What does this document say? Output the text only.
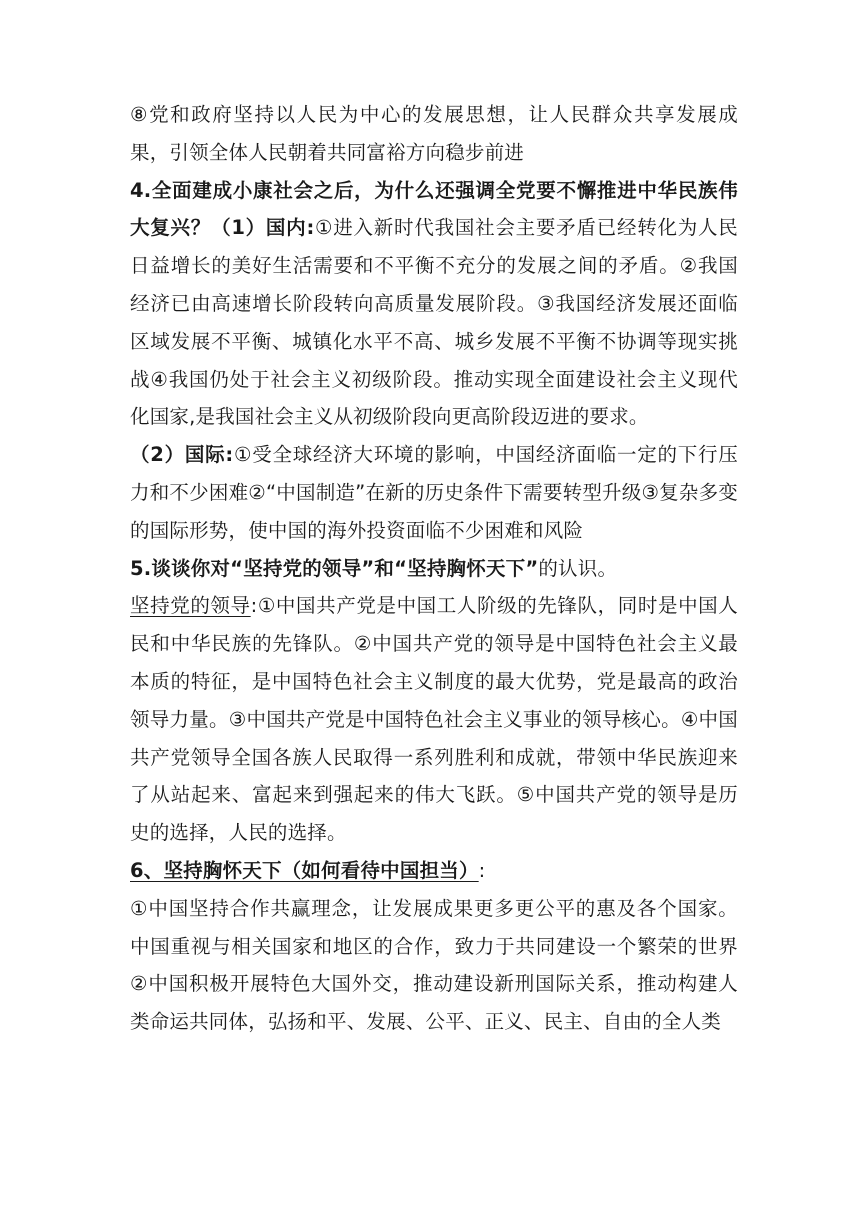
⑧党和政府坚持以人民为中心的发展思想，让人民群众共享发展成果，引领全体人民朝着共同富裕方向稳步前进

4.全面建成小康社会之后，为什么还强调全党要不懈推进中华民族伟大复兴？（1）国内:①进入新时代我国社会主要矛盾已经转化为人民日益增长的美好生活需要和不平衡不充分的发展之间的矛盾。②我国经济已由高速增长阶段转向高质量发展阶段。③我国经济发展还面临区域发展不平衡、城镇化水平不高、城乡发展不平衡不协调等现实挑战④我国仍处于社会主义初级阶段。推动实现全面建设社会主义现代化国家,是我国社会主义从初级阶段向更高阶段迈进的要求。

（2）国际:①受全球经济大环境的影响，中国经济面临一定的下行压力和不少困难②“中国制造”在新的历史条件下需要转型升级③复杂多变的国际形势，使中国的海外投资面临不少困难和风险

5.谈谈你对“坚持党的领导”和“坚持胸怀天下”的认识。

坚持党的领导:①中国共产党是中国工人阶级的先锋队，同时是中国人民和中华民族的先锋队。②中国共产党的领导是中国特色社会主义最本质的特征，是中国特色社会主义制度的最大优势，党是最高的政治领导力量。③中国共产党是中国特色社会主义事业的领导核心。④中国共产党领导全国各族人民取得一系列胜利和成就，带领中华民族迎来了从站起来、富起来到强起来的伟大飞跃。⑤中国共产党的领导是历史的选择，人民的选择。

6、坚持胸怀天下（如何看待中国担当）:

①中国坚持合作共赢理念，让发展成果更多更公平的惠及各个国家。中国重视与相关国家和地区的合作，致力于共同建设一个繁荣的世界②中国积极开展特色大国外交，推动建设新刑国际关系，推动构建人类命运共同体，弘扬和平、发展、公平、正义、民主、自由的全人类
